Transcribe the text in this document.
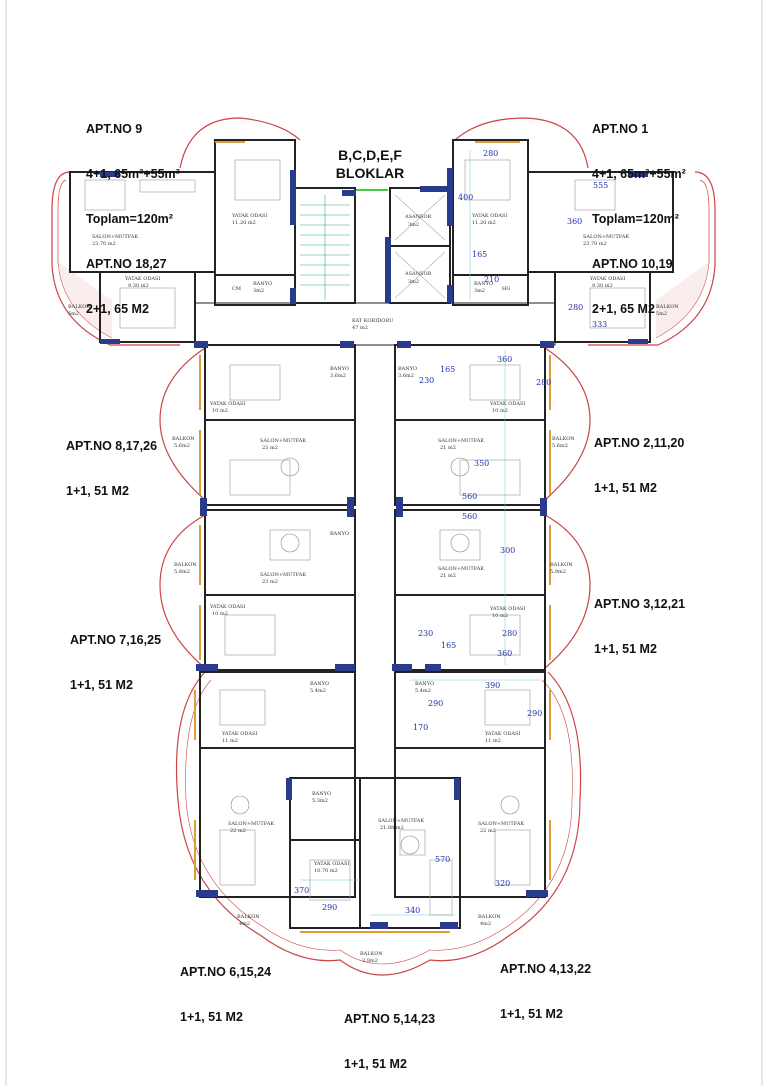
YATAK ODASI
11.20 m2
SALON+MUTFAK
23.70 m2
YATAK ODASI
9.30 m2	BANYO
3m2
CM
BALKON
5m2
ASANSOR
3m2
ASANSOR
3m2
KAT KORIDORU
47 m2
YATAK ODASI
11.20 m2
SALON+MUTFAK
23.70 m2
YATAK ODASI
9.30 m2
BANYO
3m2	HG
BALKON
5m2
YATAK ODASI
10 m2
BANYO
3.6m2
SALON+MUTFAK
23 m2
BALKON
5.6m2
YATAK ODASI
10 m2
BANYO
3.6m2
SALON+MUTFAK
21 m2
BALKON
5.6m2
BANYO
SALON+MUTFAK
23 m2
YATAK ODASI
10 m2
BALKON
5.8m2	SALON+MUTFAK
21 m2
YATAK ODASI
10 m2
BALKON
5.9m2
BANYO
5.4m2
YATAK ODASI
11 m2
SALON+MUTFAK
22 m2
BALKON
4m2
BANYO
5.4m2
YATAK ODASI
11 m2
SALON+MUTFAK
22 m2
BALKON
4m2
BANYO
5.3m2
YATAK ODASI
10.70 m2
SALON+MUTFAK
21.88 m2
BALKON
3.9m2
280
555
400
360
165
210
280
333
360
165
230	280
350
560
560
300
230	280
165
360
390
290
290
170
320
570
370
290	340
B,C,D,E,F
BLOKLAR

APT.NO 9

4+1, 65m²+55m²

Toplam=120m²

APT.NO 18,27

2+1, 65 M2

APT.NO 1

4+1, 65m²+55m²

Toplam=120m²

APT.NO 10,19

2+1, 65 M2

APT.NO 8,17,26

1+1, 51 M2

APT.NO 2,11,20

1+1, 51 M2

APT.NO 7,16,25

1+1, 51 M2

APT.NO 3,12,21

1+1, 51 M2

APT.NO 6,15,24

1+1, 51 M2

APT.NO 4,13,22

1+1, 51 M2

APT.NO 5,14,23

1+1, 51 M2
